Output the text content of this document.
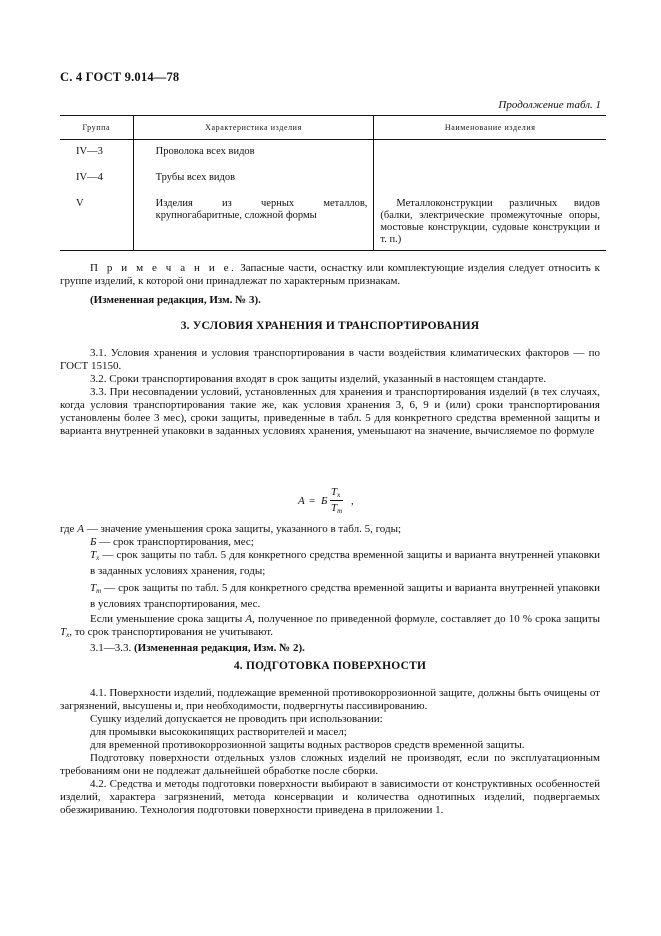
С. 4 ГОСТ 9.014—78
Продолжение табл. 1
Группа	Характеристика изделия	Наименование изделия
IV—3	Проволока всех видов	
IV—4	Трубы всех видов	
V	Изделия из черных металлов, крупногабаритные, сложной формы	Металлоконструкции различных видов (балки, электрические промежуточные опоры, мостовые конструкции, судовые конструкции и т. п.)

П р и м е ч а н и е. Запасные части, оснастку или комплектующие изделия следует относить к группе изделий, к которой они принадлежат по характерным признакам.

(Измененная редакция, Изм. № 3).
3. УСЛОВИЯ ХРАНЕНИЯ И ТРАНСПОРТИРОВАНИЯ

3.1. Условия хранения и условия транспортирования в части воздействия климатических факторов — по ГОСТ 15150.

3.2. Сроки транспортирования входят в срок защиты изделий, указанный в настоящем стандарте.

3.3. При несовпадении условий, установленных для хранения и транспортирования изделий (в тех случаях, когда условия транспортирования такие же, как условия хранения 3, 6, 9 и (или) сроки транспортирования установлены более 3 мес), сроки защиты, приведенные в табл. 5 для конкретного средства временной защиты и варианта внутренней упаковки в заданных условиях хранения, уменьшают на значение, вычисляемое по формуле

А = Б
$Т_х$
$Т_т$
,

где А — значение уменьшения срока защиты, указанного в табл. 5, годы;

Б — срок транспортирования, мес;

$Т_х$ — срок защиты по табл. 5 для конкретного средства временной защиты и варианта внутренней упаковки в заданных условиях хранения, годы;

$Т_т$ — срок защиты по табл. 5 для конкретного средства временной защиты и варианта внутренней упаковки в условиях транспортирования, мес.

Если уменьшение срока защиты А, полученное по приведенной формуле, составляет до 10 % срока защиты $Т_х$, то срок транспортирования не учитывают.

3.1—3.3. (Измененная редакция, Изм. № 2).

4. ПОДГОТОВКА ПОВЕРХНОСТИ

4.1. Поверхности изделий, подлежащие временной противокоррозионной защите, должны быть очищены от загрязнений, высушены и, при необходимости, подвергнуты пассивированию.

Сушку изделий допускается не проводить при использовании:

для промывки высококипящих растворителей и масел;

для временной противокоррозионной защиты водных растворов средств временной защиты.

Подготовку поверхности отдельных узлов сложных изделий не производят, если по эксплуатационным требованиям они не подлежат дальнейшей обработке после сборки.

4.2. Средства и методы подготовки поверхности выбирают в зависимости от конструктивных особенностей изделий, характера загрязнений, метода консервации и количества однотипных изделий, подвергаемых обезжириванию. Технология подготовки поверхности приведена в приложении 1.
